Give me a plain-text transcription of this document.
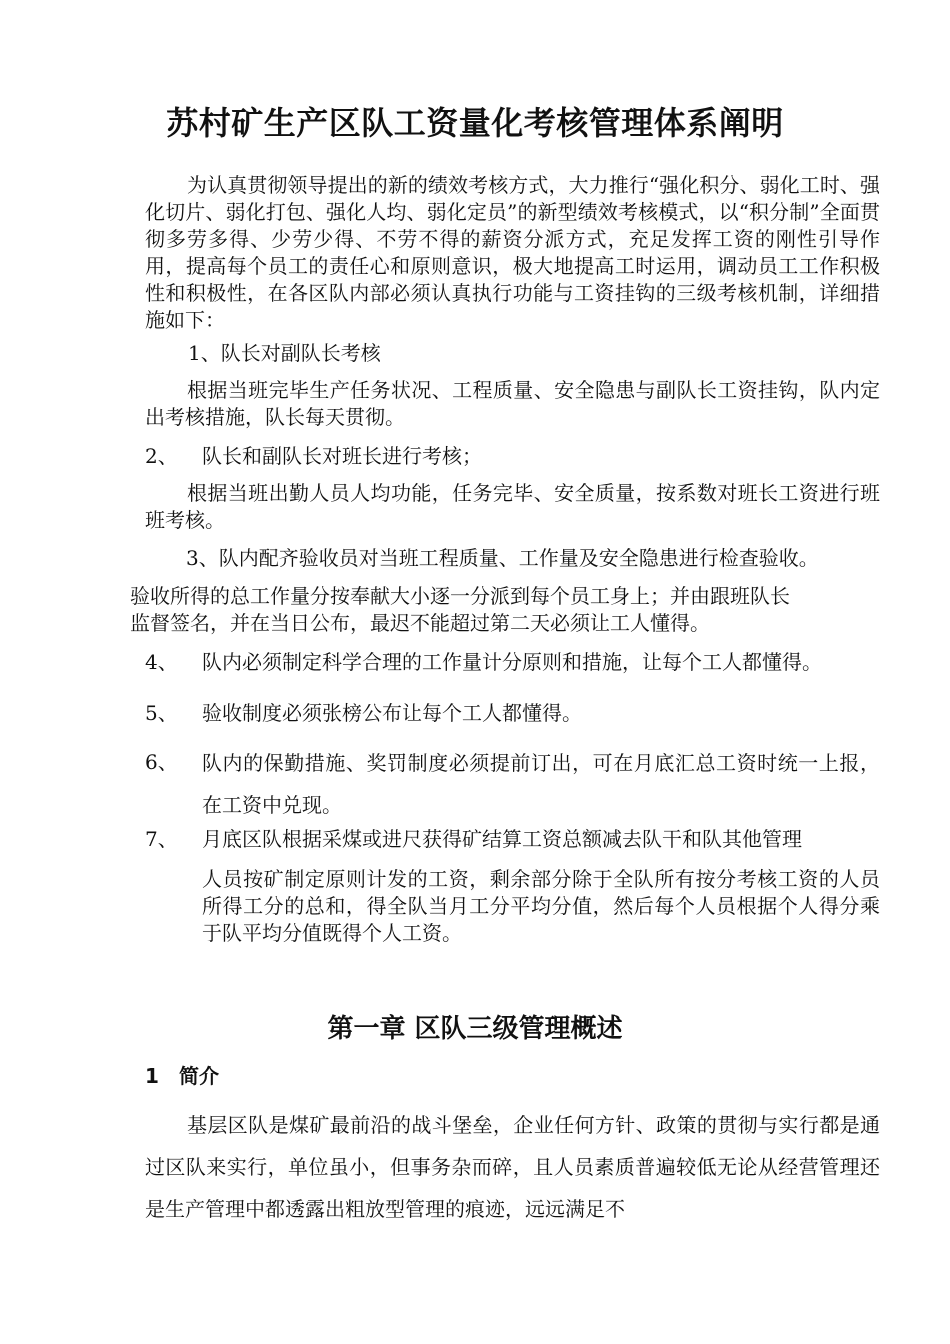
苏村矿生产区队工资量化考核管理体系阐明
为认真贯彻领导提出的新的绩效考核方式，大力推行“强化积分、弱化工时、强化切片、弱化打包、强化人均、弱化定员”的新型绩效考核模式，以“积分制”全面贯彻多劳多得、少劳少得、不劳不得的薪资分派方式，充足发挥工资的刚性引导作用，提高每个员工的责任心和原则意识，极大地提高工时运用，调动员工工作积极性和积极性，在各区队内部必须认真执行功能与工资挂钩的三级考核机制，详细措施如下：
1、队长对副队长考核
根据当班完毕生产任务状况、工程质量、安全隐患与副队长工资挂钩，队内定出考核措施，队长每天贯彻。
2、 队长和副队长对班长进行考核；
根据当班出勤人员人均功能，任务完毕、安全质量，按系数对班长工资进行班班考核。
3、队内配齐验收员对当班工程质量、工作量及安全隐患进行检查验收。
验收所得的总工作量分按奉献大小逐一分派到每个员工身上；并由跟班队长
监督签名，并在当日公布，最迟不能超过第二天必须让工人懂得。
4、 队内必须制定科学合理的工作量计分原则和措施，让每个工人都懂得。
5、 验收制度必须张榜公布让每个工人都懂得。
6、 队内的保勤措施、奖罚制度必须提前订出，可在月底汇总工资时统一上报，在工资中兑现。
7、 月底区队根据采煤或进尺获得矿结算工资总额减去队干和队其他管理
人员按矿制定原则计发的工资，剩余部分除于全队所有按分考核工资的人员所得工分的总和，得全队当月工分平均分值，然后每个人员根据个人得分乘于队平均分值既得个人工资。
第一章 区队三级管理概述
1 简介
基层区队是煤矿最前沿的战斗堡垒，企业任何方针、政策的贯彻与实行都是通过区队来实行，单位虽小，但事务杂而碎，且人员素质普遍较低无论从经营管理还是生产管理中都透露出粗放型管理的痕迹，远远满足不
